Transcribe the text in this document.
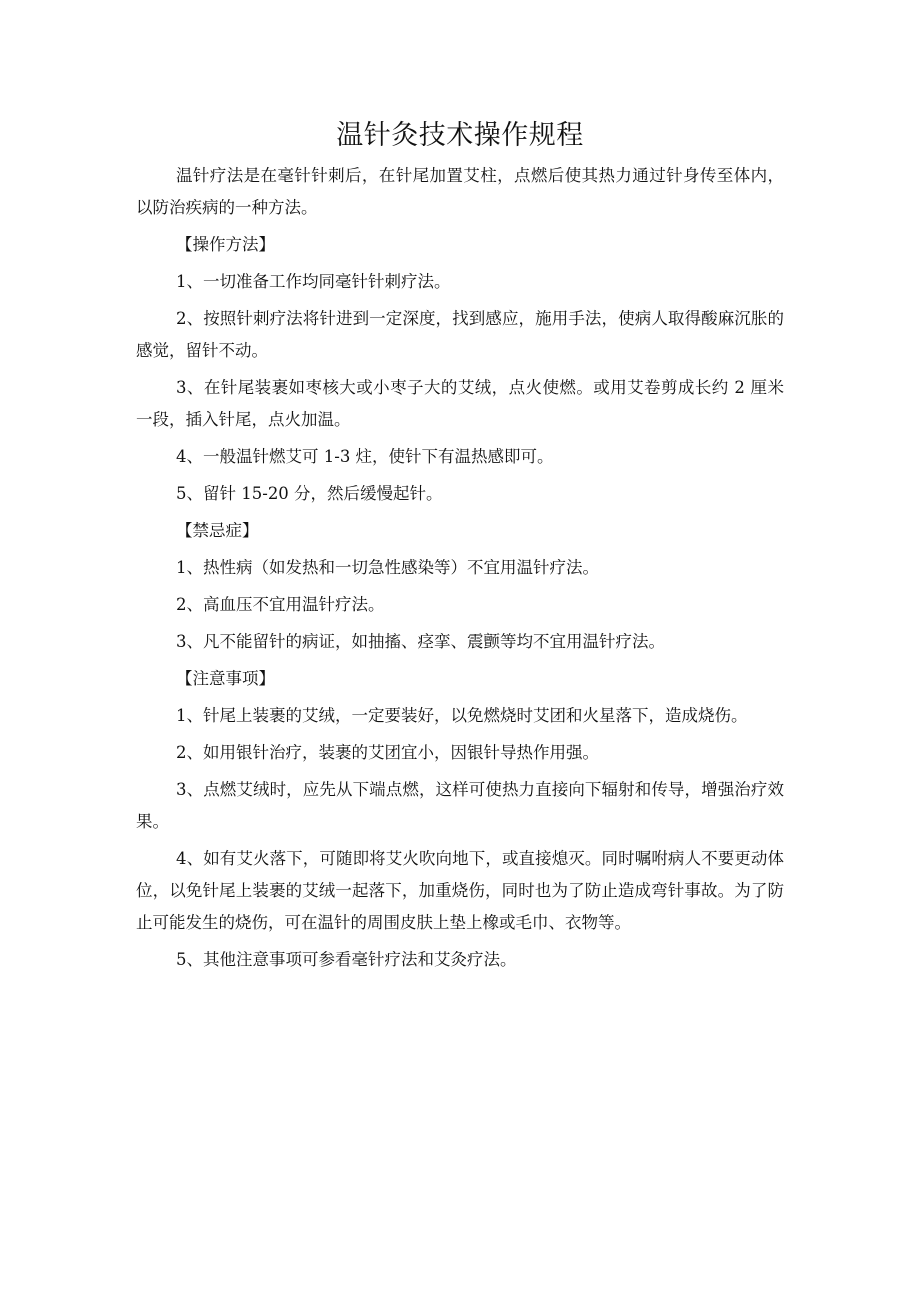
温针灸技术操作规程

温针疗法是在毫针针刺后，在针尾加置艾柱，点燃后使其热力通过针身传至体内，以防治疾病的一种方法。

【操作方法】

1、一切准备工作均同毫针针刺疗法。

2、按照针刺疗法将针进到一定深度，找到感应，施用手法，使病人取得酸麻沉胀的感觉，留针不动。

3、在针尾装裹如枣核大或小枣子大的艾绒，点火使燃。或用艾卷剪成长约 2 厘米一段，插入针尾，点火加温。

4、一般温针燃艾可 1-3 炷，使针下有温热感即可。

5、留针 15-20 分，然后缓慢起针。

【禁忌症】

1、热性病（如发热和一切急性感染等）不宜用温针疗法。

2、高血压不宜用温针疗法。

3、凡不能留针的病证，如抽搐、痉挛、震颤等均不宜用温针疗法。

【注意事项】

1、针尾上装裹的艾绒，一定要装好，以免燃烧时艾团和火星落下，造成烧伤。

2、如用银针治疗，装裹的艾团宜小，因银针导热作用强。

3、点燃艾绒时，应先从下端点燃，这样可使热力直接向下辐射和传导，增强治疗效果。

4、如有艾火落下，可随即将艾火吹向地下，或直接熄灭。同时嘱咐病人不要更动体位，以免针尾上装裹的艾绒一起落下，加重烧伤，同时也为了防止造成弯针事故。为了防止可能发生的烧伤，可在温针的周围皮肤上垫上橡或毛巾、衣物等。

5、其他注意事项可参看毫针疗法和艾灸疗法。
